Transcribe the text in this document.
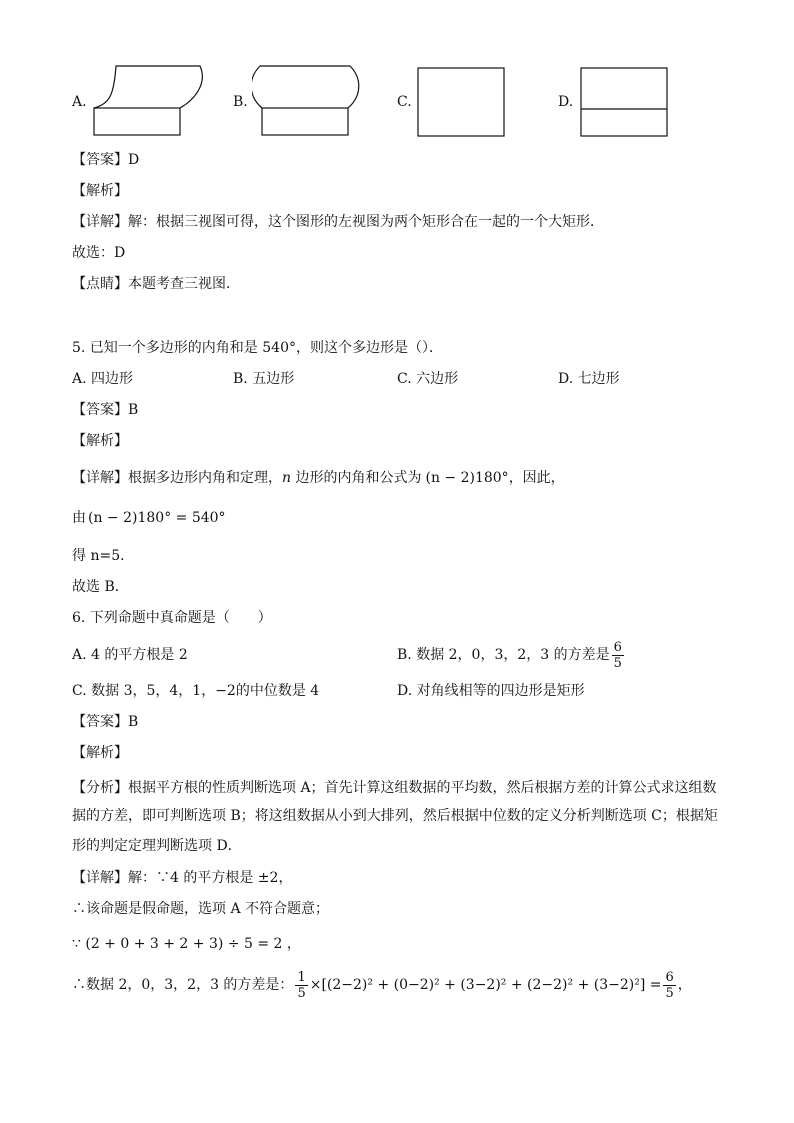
A.	B.	C.	D.
【答案】D
【解析】
【详解】解：根据三视图可得，这个图形的左视图为两个矩形合在一起的一个大矩形．
故选：D
【点睛】本题考查三视图．
5. 已知一个多边形的内角和是 540°，则这个多边形是（）．
A. 四边形	B. 五边形	C. 六边形	D. 七边形
【答案】B
【解析】
【详解】根据多边形内角和定理，n 边形的内角和公式为 (n − 2)180°，因此，
由 (n − 2)180° = 540°
得 n=5．
故选 B．
6. 下列命题中真命题是（　　）
A. 4 的平方根是 2	B. 数据 2，0，3，2，3 的方差是 $\frac{6}{5}$
C. 数据 3，5，4，1，−2的中位数是 4	D. 对角线相等的四边形是矩形
【答案】B
【解析】
【分析】根据平方根的性质判断选项 A；首先计算这组数据的平均数，然后根据方差的计算公式求这组数
据的方差，即可判断选项 B；将这组数据从小到大排列，然后根据中位数的定义分析判断选项 C；根据矩
形的判定定理判断选项 D．
【详解】解：∵4 的平方根是 ±2，
∴该命题是假命题，选项 A 不符合题意；
∵ (2 + 0 + 3 + 2 + 3) ÷ 5 = 2 ，
∴数据 2，0，3，2，3 的方差是： $\frac{1}{5} \times[(2-2)^2 + (0-2)^2 + (3-2)^2 + (2-2)^2 + (3-2)^2] = \frac{6}{5}$ ，
